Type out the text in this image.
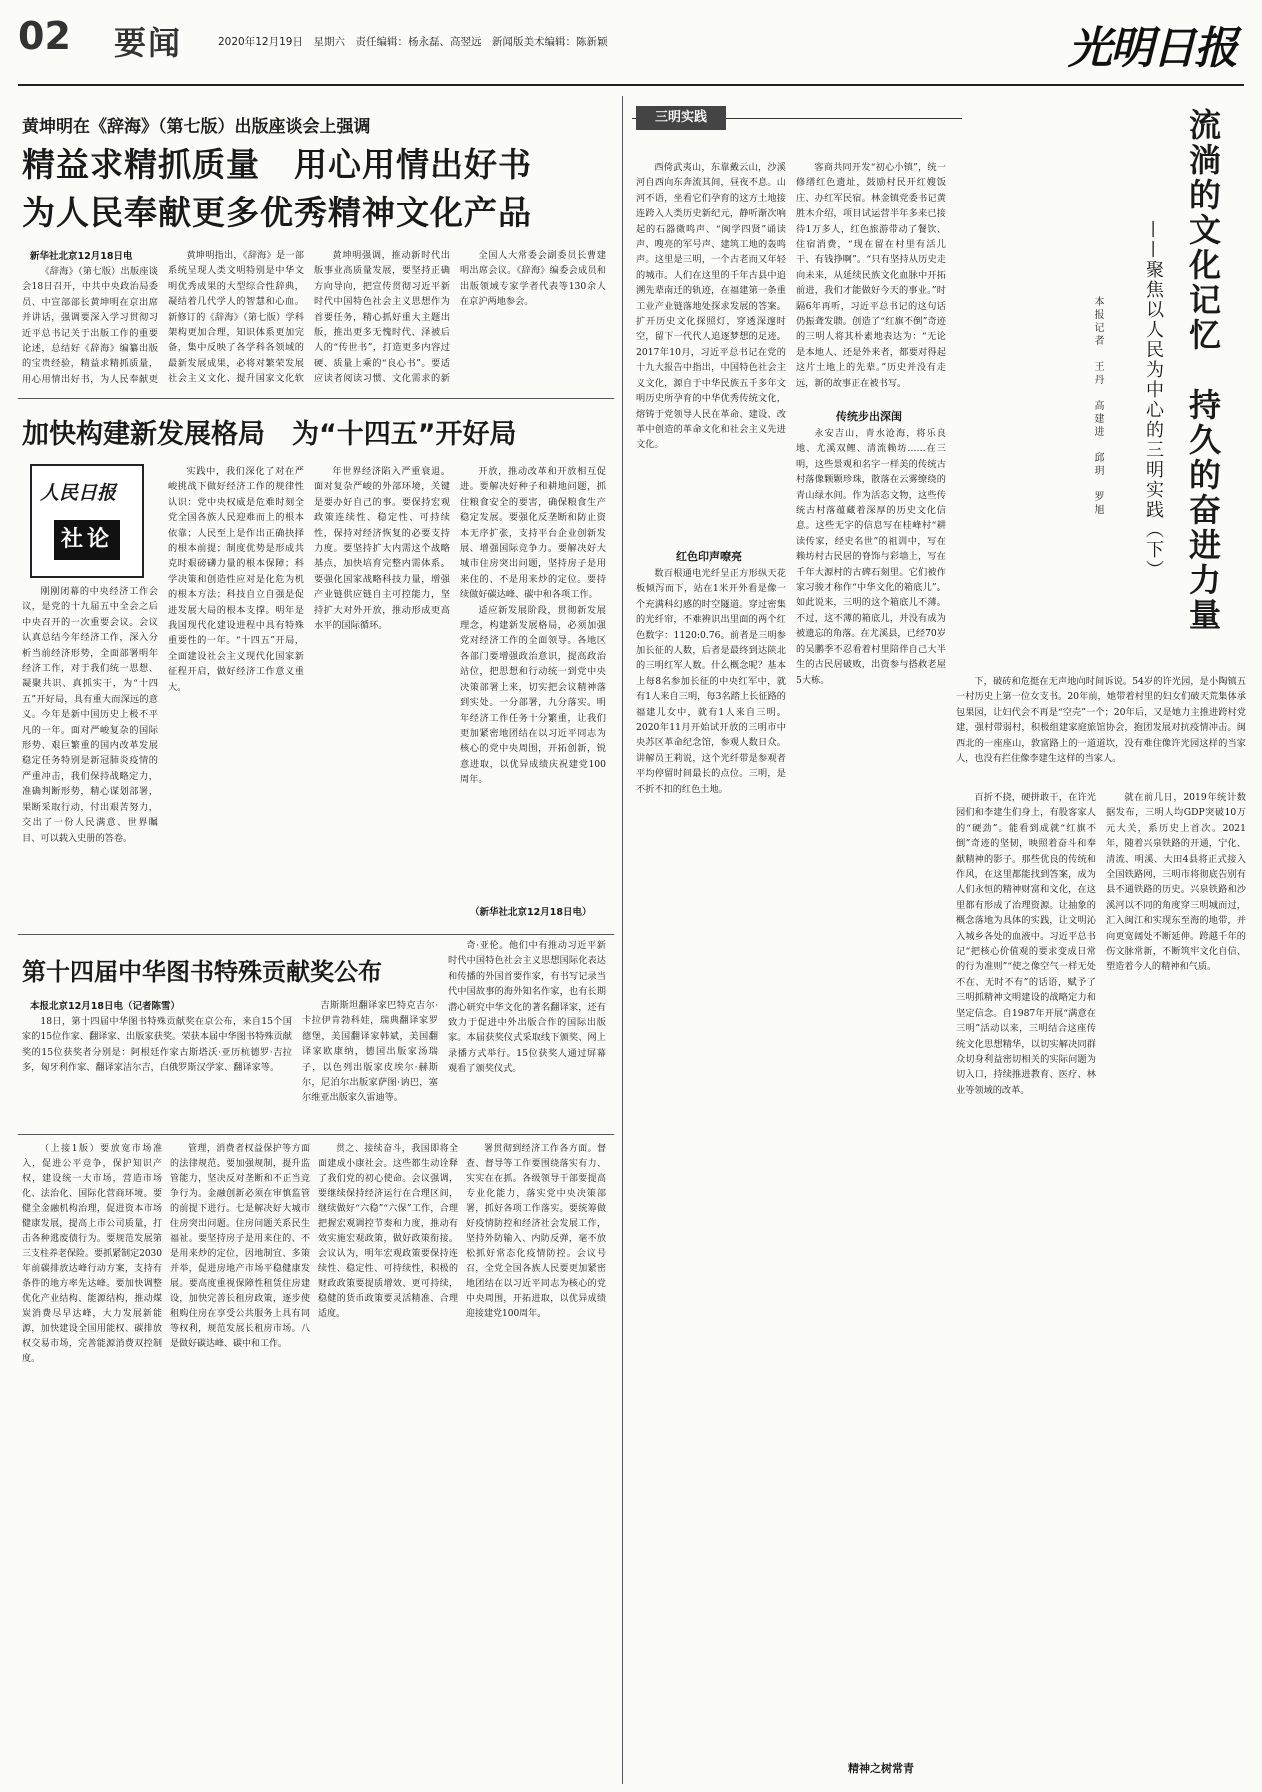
02 要闻	2020年12月19日　星期六　责任编辑：杨永磊、高翌远　新闻版美术编辑：陈新颖	光明日报
黄坤明在《辞海》（第七版）出版座谈会上强调
精益求精抓质量　用心用情出好书
为人民奉献更多优秀精神文化产品
新华社北京12月18日电

《辞海》（第七版）出版座谈会18日召开，中共中央政治局委员、中宣部部长黄坤明在京出席并讲话，强调要深入学习贯彻习近平总书记关于出版工作的重要论述，总结好《辞海》编纂出版的宝贵经验，精益求精抓质量，用心用情出好书，为人民奉献更

黄坤明指出，《辞海》是一部系统呈现人类文明特别是中华文明优秀成果的大型综合性辞典，凝结着几代学人的智慧和心血。新修订的《辞海》（第七版）学科架构更加合理，知识体系更加完备，集中反映了各学科各领域的最新发展成果，必将对繁荣发展社会主义文化、提升国家文化软

黄坤明强调，推动新时代出版事业高质量发展，要坚持正确方向导向，把宣传贯彻习近平新时代中国特色社会主义思想作为首要任务，精心抓好重大主题出版，推出更多无愧时代、泽被后人的“传世书”，打造更多内容过硬、质量上乘的“良心书”。要适应读者阅读习惯、文化需求的新

全国人大常委会副委员长曹建明出席会议。《辞海》编委会成员和出版领域专家学者代表等130余人在京沪两地参会。

加快构建新发展格局　为“十四五”开好局
人民日报
社论

刚刚闭幕的中央经济工作会议，是党的十九届五中全会之后中央召开的一次重要会议。会议认真总结今年经济工作，深入分析当前经济形势，全面部署明年经济工作，对于我们统一思想、凝聚共识、真抓实干，为“十四五”开好局，具有重大而深远的意义。今年是新中国历史上极不平凡的一年。面对严峻复杂的国际形势、艰巨繁重的国内改革发展稳定任务特别是新冠肺炎疫情的严重冲击，我们保持战略定力，准确判断形势，精心谋划部署，果断采取行动，付出艰苦努力，交出了一份人民满意、世界瞩目、可以载入史册的答卷。

实践中，我们深化了对在严峻挑战下做好经济工作的规律性认识：党中央权威是危难时刻全党全国各族人民迎难而上的根本依靠；人民至上是作出正确抉择的根本前提；制度优势是形成共克时艰磅礴力量的根本保障；科学决策和创造性应对是化危为机的根本方法；科技自立自强是促进发展大局的根本支撑。明年是我国现代化建设进程中具有特殊重要性的一年。“十四五”开局，全面建设社会主义现代化国家新征程开启，做好经济工作意义重大。

年世界经济陷入严重衰退。面对复杂严峻的外部环境，关键是要办好自己的事。要保持宏观政策连续性、稳定性、可持续性，保持对经济恢复的必要支持力度。要坚持扩大内需这个战略基点，加快培育完整内需体系。要强化国家战略科技力量，增强产业链供应链自主可控能力，坚持扩大对外开放，推动形成更高水平的国际循环。

开放，推动改革和开放相互促进。要解决好种子和耕地问题，抓住粮食安全的要害，确保粮食生产稳定发展。要强化反垄断和防止资本无序扩张，支持平台企业创新发展、增强国际竞争力。要解决好大城市住房突出问题，坚持房子是用来住的、不是用来炒的定位。要持续做好碳达峰、碳中和各项工作。

适应新发展阶段，贯彻新发展理念，构建新发展格局，必须加强党对经济工作的全面领导。各地区各部门要增强政治意识，提高政治站位，把思想和行动统一到党中央决策部署上来，切实把会议精神落到实处。一分部署，九分落实。明年经济工作任务十分繁重，让我们更加紧密地团结在以习近平同志为核心的党中央周围，开拓创新，锐意进取，以优异成绩庆祝建党100周年。

（新华社北京12月18日电）
第十四届中华图书特殊贡献奖公布
本报北京12月18日电（记者陈雪）

18日，第十四届中华图书特殊贡献奖在京公布，来自15个国家的15位作家、翻译家、出版家获奖。荣获本届中华图书特殊贡献奖的15位获奖者分别是：阿根廷作家古斯塔沃·亚历杭德罗·吉拉多，匈牙利作家、翻译家洁尔吉，白俄罗斯汉学家、翻译家等。

吉斯斯坦翻译家巴特克吉尔·卡拉伊肯勃科娃，瑞典翻译家罗德堡，美国翻译家韩斌，美国翻译家欧康纳，德国出版家汤瑞子，以色列出版家皮埃尔·赫斯尔，尼泊尔出版家萨图·讷巴，塞尔维亚出版家久雷迪等。

奇·亚伦。他们中有推动习近平新时代中国特色社会主义思想国际化表达和传播的外国首要作家，有书写记录当代中国故事的海外知名作家，也有长期潜心研究中华文化的著名翻译家，还有致力于促进中外出版合作的国际出版家。本届获奖仪式采取线下颁奖、网上录播方式举行。15位获奖人通过屏幕观看了颁奖仪式。

（上接1版）要放宽市场准入，促进公平竞争，保护知识产权，建设统一大市场，营造市场化、法治化、国际化营商环境。要健全金融机构治理，促进资本市场健康发展，提高上市公司质量，打击各种逃废债行为。要规范发展第三支柱养老保险。要抓紧制定2030年前碳排放达峰行动方案，支持有条件的地方率先达峰。要加快调整优化产业结构、能源结构，推动煤炭消费尽早达峰，大力发展新能源，加快建设全国用能权、碳排放权交易市场，完善能源消费双控制度。

管理，消费者权益保护等方面的法律规范。要加强规制，提升监管能力，坚决反对垄断和不正当竞争行为。金融创新必须在审慎监管的前提下进行。七是解决好大城市住房突出问题。住房问题关系民生福祉。要坚持房子是用来住的、不是用来炒的定位，因地制宜、多策并举，促进房地产市场平稳健康发展。要高度重视保障性租赁住房建设，加快完善长租房政策，逐步使租购住房在享受公共服务上具有同等权利，规范发展长租房市场。八是做好碳达峰、碳中和工作。

贯之、接续奋斗，我国即将全面建成小康社会。这些都生动诠释了我们党的初心使命。会议强调，要继续保持经济运行在合理区间，继续做好“六稳”“六保”工作，合理把握宏观调控节奏和力度，推动有效实施宏观政策，做好政策衔接。会议认为，明年宏观政策要保持连续性、稳定性、可持续性，积极的财政政策要提质增效、更可持续，稳健的货币政策要灵活精准、合理适度。

署贯彻到经济工作各方面。督查、督导等工作要围绕落实有力、实实在在抓。各级领导干部要提高专业化能力，落实党中央决策部署，抓好各项工作落实。要统筹做好疫情防控和经济社会发展工作，坚持外防输入、内防反弹，毫不放松抓好常态化疫情防控。会议号召，全党全国各族人民要更加紧密地团结在以习近平同志为核心的党中央周围，开拓进取，以优异成绩迎接建党100周年。

三明实践	流淌的文化记忆　持久的奋进力量
——聚焦以人民为中心的三明实践（下）
本报记者　王丹　高建进　邱玥　罗旭

西倚武夷山，东靠戴云山，沙溪河自西向东奔流其间，昼夜不息。山河不语，坐看它们孕育的这方土地接连跨入人类历史新纪元，静听渐次响起的石器微鸣声、“闽学四贤”诵读声、嗖亮的军号声、建筑工地的轰鸣声。这里是三明，一个古老而又年轻的城市。人们在这里的千年古县中追溯先辈南迁的轨迹，在福建第一条重工业产业链落地处探求发展的答案。扩开历史文化探照灯，穿透深邃时空，留下一代代人追逐梦想的足迹。2017年10月，习近平总书记在党的十九大报告中指出，中国特色社会主义文化，源自于中华民族五千多年文明历史所孕育的中华优秀传统文化，熔铸于党领导人民在革命、建设、改革中创造的革命文化和社会主义先进文化。

红色印声嘹亮

数百根通电光纤呈正方形纵天花板倾泻而下，站在1米开外看是像一个充满科幻感的时空隧道。穿过密集的光纤帘，不难辨识出里面的两个红色数字：1120:0.76。前者是三明参加长征的人数，后者是最终到达陕北的三明红军人数。什么概念呢？基本上每8名参加长征的中央红军中，就有1人来自三明，每3名踏上长征路的福建儿女中，就有1人来自三明。2020年11月开始试开放的三明市中央苏区革命纪念馆，参观人数日众。讲解员王莉说，这个光纤带是参观者平均停留时间最长的点位。三明，是不折不扣的红色土地。

客商共同开发“初心小镇”，统一修缮红色遗址，鼓励村民开红嫂饭庄、办红军民宿。林金镇党委书记黄胜木介绍，项目试运营半年多来已接待1万多人，红色旅游带动了餐饮、住宿消费，“现在留在村里有活儿干、有钱挣啊”。“只有坚持从历史走向未来，从延续民族文化血脉中开拓前进，我们才能做好今天的事业。”时隔6年再听，习近平总书记的这句话仍振聋发聩。创造了“红旗不倒”奇迹的三明人将其朴素地表达为：“无论是本地人、还是外来者，都要对得起这片土地上的先辈。”历史并没有走远，新的故事正在被书写。

传统步出深闺

永安吉山，青水沧海，将乐良地、尤溪双鲤、清流赖坊……在三明，这些景观和名字一样美的传统古村落像颗颗珍珠，散落在云雾缭绕的青山绿水间。作为活态文物，这些传统古村落蕴藏着深厚的历史文化信息。这些无字的信息写在桂峰村“耕读传家，经史名世”的祖训中，写在赖坊村古民居的脊饰与彩墙上，写在千年大源村的古碑石刻里。它们被作家习骏才称作“中华文化的箱底儿”。如此说来，三明的这个箱底儿不薄。不过，这不薄的箱底儿，并没有成为被遗忘的角落。在尤溪县，已经70岁的吴鹏季不忍看着村里陪伴自己大半生的古民居破败，出资参与搭救老屋5大栋。	下，破砖和危挺在无声地向时间诉说。54岁的许光园，是小陶镇五一村历史上第一位女支书。20年前，她带着村里的妇女们破天荒集体承包果园，让妇代会不再是“空壳”一个；20年后，又是她力主推进跨村党建，强村带弱村，积极组建家庭旅馆协会，抱团发展对抗疫情冲击。闽西北的一座座山，敦富路上的一道道坎，没有难住像许光园这样的当家人，也没有拦住像李建生这样的当家人。

百折不挠，硬拼敢干，在许光园们和李建生们身上，有股客家人的“硬劲”。能看到成就“红旗不倒”奇迹的坚韧，映照着奋斗和奉献精神的影子。那些优良的传统和作风，在这里都能找到答案，成为人们永恒的精神财富和文化，在这里都有形成了治理资源。让抽象的概念落地为具体的实践，让文明沁入城乡各处的血液中。习近平总书记“把核心价值观的要求变成日常的行为准则”“使之像空气一样无处不在、无时不有”的话语，赋予了三明抓精神文明建设的战略定力和坚定信念。自1987年开展“满意在三明”活动以来，三明结合这座传统文化思想精华，以切实解决同群众切身利益密切相关的实际问题为切入口，持续推进教育、医疗、林业等领域的改革。

就在前几日，2019年统计数据发布，三明人均GDP突破10万元大关，系历史上首次。2021年，随着兴泉铁路的开通，宁化、清流、明溪、大田4县将正式接入全国铁路网，三明市将彻底告别有县不通铁路的历史。兴泉铁路和沙溪河以不同的角度穿三明城而过，汇入闽江和实现东至海的地带，并向更宽阔处不断延伸。跨越千年的伤文脉常新，不断筑牢文化自信、塑造着今人的精神和气质。

精神之树常青
